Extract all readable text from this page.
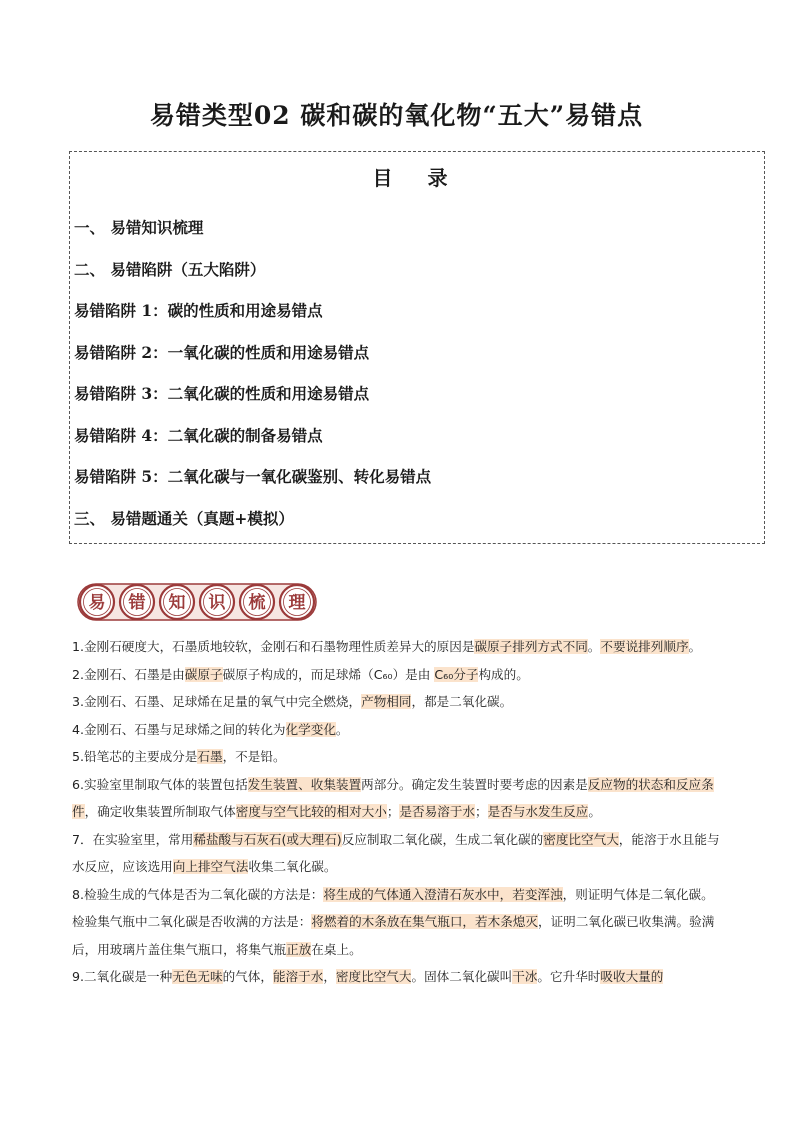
易错类型02 碳和碳的氧化物“五大”易错点
目 录
一、 易错知识梳理
二、 易错陷阱（五大陷阱）
易错陷阱 1：碳的性质和用途易错点
易错陷阱 2：一氧化碳的性质和用途易错点
易错陷阱 3：二氧化碳的性质和用途易错点
易错陷阱 4：二氧化碳的制备易错点
易错陷阱 5：二氧化碳与一氧化碳鉴别、转化易错点
三、 易错题通关（真题+模拟）
易 错 知 识 梳 理

1.金刚石硬度大，石墨质地较软，金刚石和石墨物理性质差异大的原因是碳原子排列方式不同。不要说排列顺序。

2.金刚石、石墨是由碳原子碳原子构成的，而足球烯（C₆₀）是由 C₆₀分子构成的。

3.金刚石、石墨、足球烯在足量的氧气中完全燃烧，产物相同，都是二氧化碳。

4.金刚石、石墨与足球烯之间的转化为化学变化。

5.铅笔芯的主要成分是石墨，不是铅。

6.实验室里制取气体的装置包括发生装置、收集装置两部分。确定发生装置时要考虑的因素是反应物的状态和反应条件，确定收集装置所制取气体密度与空气比较的相对大小；是否易溶于水；是否与水发生反应。

7．在实验室里，常用稀盐酸与石灰石(或大理石)反应制取二氧化碳，生成二氧化碳的密度比空气大，能溶于水且能与水反应，应该选用向上排空气法收集二氧化碳。

8.检验生成的气体是否为二氧化碳的方法是：将生成的气体通入澄清石灰水中，若变浑浊，则证明气体是二氧化碳。检验集气瓶中二氧化碳是否收满的方法是：将燃着的木条放在集气瓶口，若木条熄灭，证明二氧化碳已收集满。验满后，用玻璃片盖住集气瓶口，将集气瓶正放在桌上。

9.二氧化碳是一种无色无味的气体，能溶于水，密度比空气大。固体二氧化碳叫干冰。它升华时吸收大量的
